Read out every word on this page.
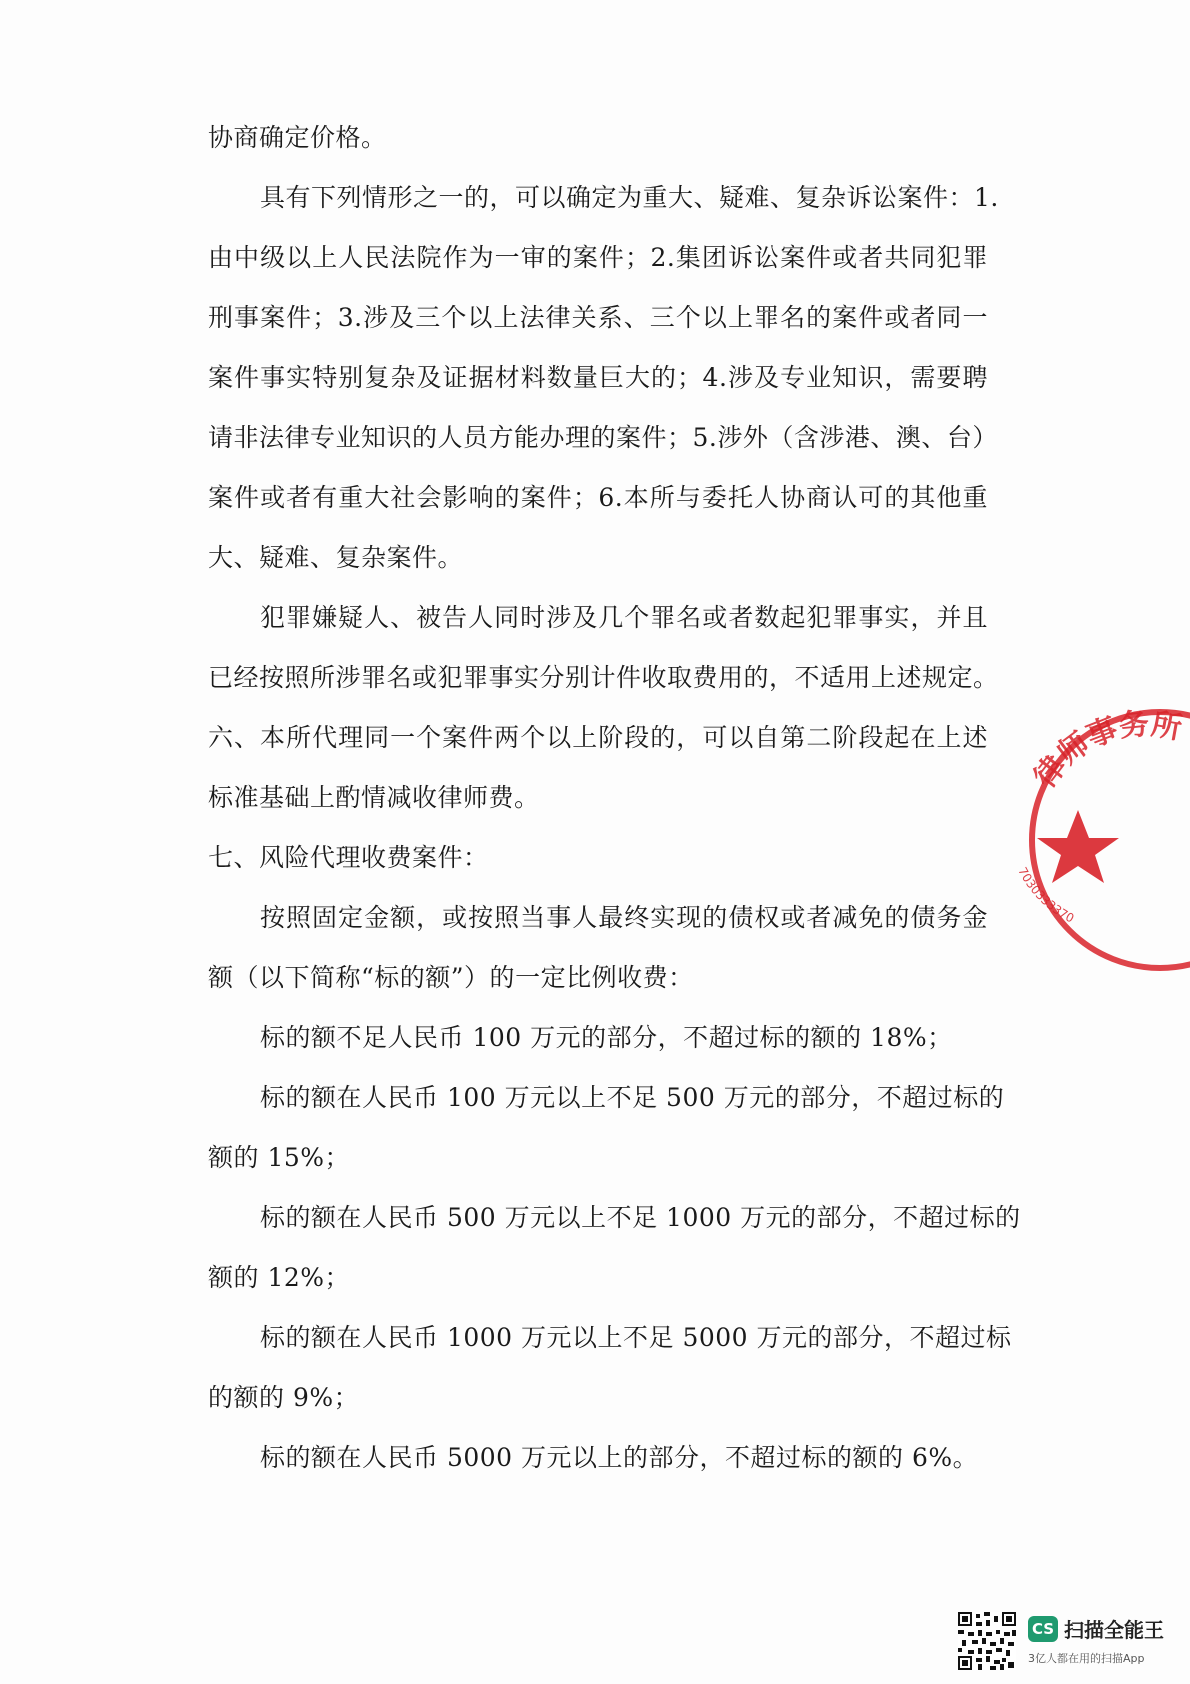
协商确定价格。
具有下列情形之一的，可以确定为重大、疑难、复杂诉讼案件：1.
由中级以上人民法院作为一审的案件；2.集团诉讼案件或者共同犯罪
刑事案件；3.涉及三个以上法律关系、三个以上罪名的案件或者同一
案件事实特别复杂及证据材料数量巨大的；4.涉及专业知识，需要聘
请非法律专业知识的人员方能办理的案件；5.涉外（含涉港、澳、台）
案件或者有重大社会影响的案件；6.本所与委托人协商认可的其他重
大、疑难、复杂案件。
犯罪嫌疑人、被告人同时涉及几个罪名或者数起犯罪事实，并且
已经按照所涉罪名或犯罪事实分别计件收取费用的，不适用上述规定。
六、本所代理同一个案件两个以上阶段的，可以自第二阶段起在上述
标准基础上酌情减收律师费。
七、风险代理收费案件：
按照固定金额，或按照当事人最终实现的债权或者减免的债务金
额（以下简称“标的额”）的一定比例收费：
标的额不足人民币 100 万元的部分，不超过标的额的 18%；
标的额在人民币 100 万元以上不足 500 万元的部分，不超过标的
额的 15%；
标的额在人民币 500 万元以上不足 1000 万元的部分，不超过标的
额的 12%；
标的额在人民币 1000 万元以上不足 5000 万元的部分，不超过标
的额的 9%；
标的额在人民币 5000 万元以上的部分，不超过标的额的 6%。
律师事务所
7030333370
CS 扫描全能王
3亿人都在用的扫描App
